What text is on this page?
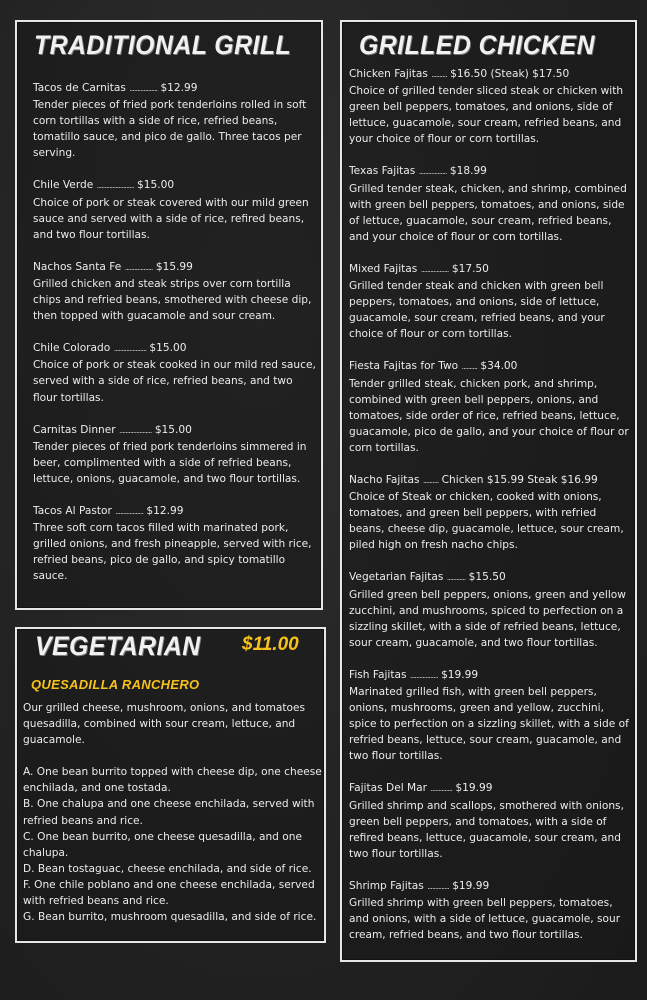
TRADITIONAL GRILL
Tacos de Carnitas .................. $12.99
Tender pieces of fried pork tenderloins rolled in soft corn tortillas with a side of rice, refried beans, tomatillo sauce, and pico de gallo. Three tacos per serving.
Chile Verde ........................ $15.00
Choice of pork or steak covered with our mild green sauce and served with a side of rice, refired beans, and two flour tortillas.
Nachos Santa Fe .................. $15.99
Grilled chicken and steak strips over corn tortilla chips and refried beans, smothered with cheese dip, then topped with guacamole and sour cream.
Chile Colorado ..................... $15.00
Choice of pork or steak cooked in our mild red sauce, served with a side of rice, refried beans, and two flour tortillas.
Carnitas Dinner ..................... $15.00
Tender pieces of fried pork tenderloins simmered in beer, complimented with a side of refried beans, lettuce, onions, guacamole, and two flour tortillas.
Tacos Al Pastor .................. $12.99
Three soft corn tacos filled with marinated pork, grilled onions, and fresh pineapple, served with rice, refried beans, pico de gallo, and spicy tomatillo sauce.
VEGETARIAN $11.00
QUESADILLA RANCHERO
Our grilled cheese, mushroom, onions, and tomatoes quesadilla, combined with sour cream, lettuce, and guacamole.
A. One bean burrito topped with cheese dip, one cheese enchilada, and one tostada.
B. One chalupa and one cheese enchilada, served with refried beans and rice.
C. One bean burrito, one cheese quesadilla, and one chalupa.
D. Bean tostaguac, cheese enchilada, and side of rice.
F. One chile poblano and one cheese enchilada, served with refried beans and rice.
G. Bean burrito, mushroom quesadilla, and side of rice.
GRILLED CHICKEN
Chicken Fajitas .......... $16.50 (Steak) $17.50
Choice of grilled tender sliced steak or chicken with green bell peppers, tomatoes, and onions, side of lettuce, guacamole, sour cream, refried beans, and your choice of flour or corn tortillas.
Texas Fajitas .................. $18.99
Grilled tender steak, chicken, and shrimp, combined with green bell peppers, tomatoes, and onions, side of lettuce, guacamole, sour cream, refried beans, and your choice of flour or corn tortillas.
Mixed Fajitas .................. $17.50
Grilled tender steak and chicken with green bell peppers, tomatoes, and onions, side of lettuce, guacamole, sour cream, refried beans, and your choice of flour or corn tortillas.
Fiesta Fajitas for Two .......... $34.00
Tender grilled steak, chicken pork, and shrimp, combined with green bell peppers, onions, and tomatoes, side order of rice, refried beans, lettuce, guacamole, pico de gallo, and your choice of flour or corn tortillas.
Nacho Fajitas .......... Chicken $15.99 Steak $16.99
Choice of Steak or chicken, cooked with onions, tomatoes, and green bell peppers, with refried beans, cheese dip, guacamole, lettuce, sour cream, piled high on fresh nacho chips.
Vegetarian Fajitas ............ $15.50
Grilled green bell peppers, onions, green and yellow zucchini, and mushrooms, spiced to perfection on a sizzling skillet, with a side of refried beans, lettuce, sour cream, guacamole, and two flour tortillas.
Fish Fajitas .................. $19.99
Marinated grilled fish, with green bell peppers, onions, mushrooms, green and yellow, zucchini, spice to perfection on a sizzling skillet, with a side of refried beans, lettuce, sour cream, guacamole, and two flour tortillas.
Fajitas Del Mar .............. $19.99
Grilled shrimp and scallops, smothered with onions, green bell peppers, and tomatoes, with a side of refired beans, lettuce, guacamole, sour cream, and two flour tortillas.
Shrimp Fajitas .............. $19.99
Grilled shrimp with green bell peppers, tomatoes, and onions, with a side of lettuce, guacamole, sour cream, refried beans, and two flour tortillas.
